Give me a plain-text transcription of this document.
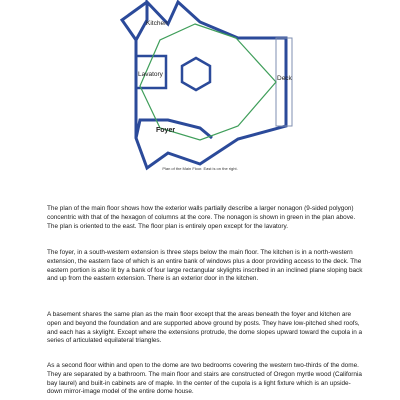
Kitchen
Lavatory
Deck
Foyer
Plan of the Main Floor. East is on the right.

The plan of the main floor shows how the exterior walls partially describe a larger nonagon (9-sided polygon) concentric with that of the hexagon of columns at the core. The nonagon is shown in green in the plan above. The plan is oriented to the east. The floor plan is entirely open except for the lavatory.

The foyer, in a south-western extension is three steps below the main floor. The kitchen is in a north-western extension, the eastern face of which is an entire bank of windows plus a door providing access to the deck. The eastern portion is also lit by a bank of four large rectangular skylights inscribed in an inclined plane sloping back and up from the eastern extension. There is an exterior door in the kitchen.

A basement shares the same plan as the main floor except that the areas beneath the foyer and kitchen are open and beyond the foundation and are supported above ground by posts. They have low-pitched shed roofs, and each has a skylight. Except where the extensions protrude, the dome slopes upward toward the cupola in a series of articulated equilateral triangles.

As a second floor within and open to the dome are two bedrooms covering the western two-thirds of the dome. They are separated by a bathroom. The main floor and stairs are constructed of Oregon myrtle wood (California bay laurel) and built-in cabinets are of maple. In the center of the cupola is a light fixture which is an upside-down mirror-image model of the entire dome house.
